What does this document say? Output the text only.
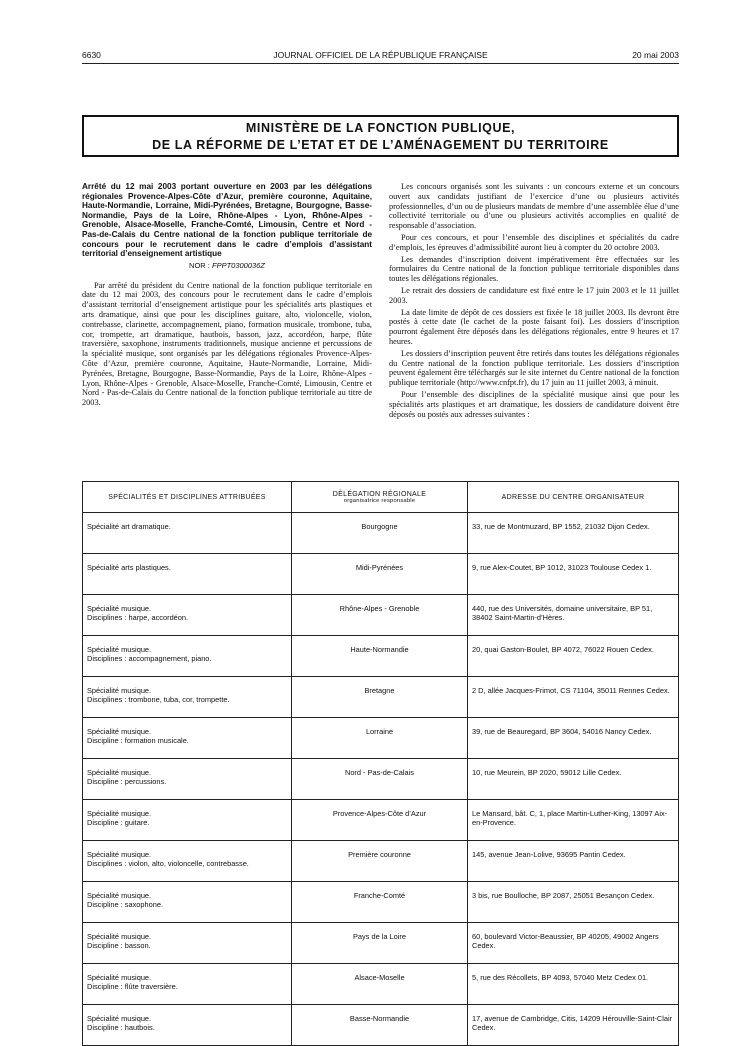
6630	JOURNAL OFFICIEL DE LA RÉPUBLIQUE FRANÇAISE	20 mai 2003
MINISTÈRE DE LA FONCTION PUBLIQUE,
DE LA RÉFORME DE L’ETAT ET DE L’AMÉNAGEMENT DU TERRITOIRE
Arrêté du 12 mai 2003 portant ouverture en 2003 par les délégations régionales Provence-Alpes-Côte d’Azur, première couronne, Aquitaine, Haute-Normandie, Lorraine, Midi-Pyrénées, Bretagne, Bourgogne, Basse-Normandie, Pays de la Loire, Rhône-Alpes - Lyon, Rhône-Alpes - Grenoble, Alsace-Moselle, Franche-Comté, Limousin, Centre et Nord - Pas-de-Calais du Centre national de la fonction publique territoriale de concours pour le recrutement dans le cadre d’emplois d’assistant territorial d’enseignement artistique
NOR : FPPT0300036Z

Par arrêté du président du Centre national de la fonction publique territoriale en date du 12 mai 2003, des concours pour le recrutement dans le cadre d’emplois d’assistant territorial d’enseignement artistique pour les spécialités arts plastiques et arts dramatique, ainsi que pour les disciplines guitare, alto, violoncelle, violon, contrebasse, clarinette, accompagnement, piano, formation musicale, trombone, tuba, cor, trompette, art dramatique, hautbois, basson, jazz, accordéon, harpe, flûte traversière, saxophone, instruments traditionnels, musique ancienne et percussions de la spécialité musique, sont organisés par les délégations régionales Provence-Alpes-Côte d’Azur, première couronne, Aquitaine, Haute-Normandie, Lorraine, Midi-Pyrénées, Bretagne, Bourgogne, Basse-Normandie, Pays de la Loire, Rhône-Alpes - Lyon, Rhône-Alpes - Grenoble, Alsace-Moselle, Franche-Comté, Limousin, Centre et Nord - Pas-de-Calais du Centre national de la fonction publique territoriale au titre de 2003.

Les concours organisés sont les suivants : un concours externe et un concours ouvert aux candidats justifiant de l’exercice d’une ou plusieurs activités professionnelles, d’un ou de plusieurs mandats de membre d’une assemblée élue d’une collectivité territoriale ou d’une ou plusieurs activités accomplies en qualité de responsable d’association.

Pour ces concours, et pour l’ensemble des disciplines et spécialités du cadre d’emplois, les épreuves d’admissibilité auront lieu à compter du 20 octobre 2003.

Les demandes d’inscription doivent impérativement être effectuées sur les formulaires du Centre national de la fonction publique territoriale disponibles dans toutes les délégations régionales.

Le retrait des dossiers de candidature est fixé entre le 17 juin 2003 et le 11 juillet 2003.

La date limite de dépôt de ces dossiers est fixée le 18 juillet 2003. Ils devront être postés à cette date (le cachet de la poste faisant foi). Les dossiers d’inscription pourront également être déposés dans les délégations régionales, entre 9 heures et 17 heures.

Les dossiers d’inscription peuvent être retirés dans toutes les délégations régionales du Centre national de la fonction publique territoriale. Les dossiers d’inscription peuvent également être téléchargés sur le site internet du Centre national de la fonction publique territoriale (http://www.cnfpt.fr), du 17 juin au 11 juillet 2003, à minuit.

Pour l’ensemble des disciplines de la spécialité musique ainsi que pour les spécialités arts plastiques et art dramatique, les dossiers de candidature doivent être déposés ou postés aux adresses suivantes :

SPÉCIALITÉS ET DISCIPLINES ATTRIBUÉES	DÉLÉGATION RÉGIONALE
organisatrice responsable	ADRESSE DU CENTRE ORGANISATEUR

Spécialité art dramatique.	Bourgogne	33, rue de Montmuzard, BP 1552, 21032 Dijon Cedex.

Spécialité arts plastiques.	Midi-Pyrénées	9, rue Alex-Coutet, BP 1012, 31023 Toulouse Cedex 1.

Spécialité musique.
Disciplines : harpe, accordéon.	Rhône-Alpes - Grenoble	440, rue des Universités, domaine universitaire, BP 51, 38402 Saint-Martin-d’Hères.

Spécialité musique.
Disciplines : accompagnement, piano.	Haute-Normandie	20, quai Gaston-Boulet, BP 4072, 76022 Rouen Cedex.

Spécialité musique.
Disciplines : trombone, tuba, cor, trompette.	Bretagne	2 D, allée Jacques-Frimot, CS 71104, 35011 Rennes Cedex.

Spécialité musique.
Discipline : formation musicale.	Lorraine	39, rue de Beauregard, BP 3604, 54016 Nancy Cedex.

Spécialité musique.
Discipline : percussions.	Nord - Pas-de-Calais	10, rue Meurein, BP 2020, 59012 Lille Cedex.

Spécialité musique.
Discipline : guitare.	Provence-Alpes-Côte d’Azur	Le Mansard, bât. C, 1, place Martin-Luther-King, 13097 Aix-en-Provence.

Spécialité musique.
Disciplines : violon, alto, violoncelle, contrebasse.	Première couronne	145, avenue Jean-Lolive, 93695 Pantin Cedex.

Spécialité musique.
Discipline : saxophone.	Franche-Comté	3 bis, rue Boulloche, BP 2087, 25051 Besançon Cedex.

Spécialité musique.
Discipline : basson.	Pays de la Loire	60, boulevard Victor-Beaussier, BP 40205, 49002 Angers Cedex.

Spécialité musique.
Discipline : flûte traversière.	Alsace-Moselle	5, rue des Récollets, BP 4093, 57040 Metz Cedex 01.

Spécialité musique.
Discipline : hautbois.	Basse-Normandie	17, avenue de Cambridge, Citis, 14209 Hérouville-Saint-Clair Cedex.
